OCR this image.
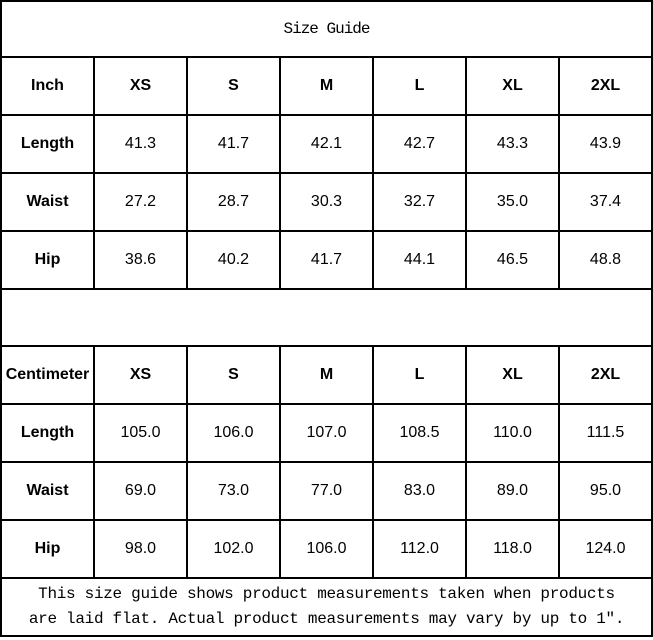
Size Guide						
Inch	XS	S	M	L	XL	2XL
Length	41.3	41.7	42.1	42.7	43.3	43.9
Waist	27.2	28.7	30.3	32.7	35.0	37.4
Hip	38.6	40.2	41.7	44.1	46.5	48.8

Centimeter	XS	S	M	L	XL	2XL
Length	105.0	106.0	107.0	108.5	110.0	111.5
Waist	69.0	73.0	77.0	83.0	89.0	95.0
Hip	98.0	102.0	106.0	112.0	118.0	124.0

This size guide shows product measurements taken when products
are laid flat. Actual product measurements may vary by up to 1″.						
